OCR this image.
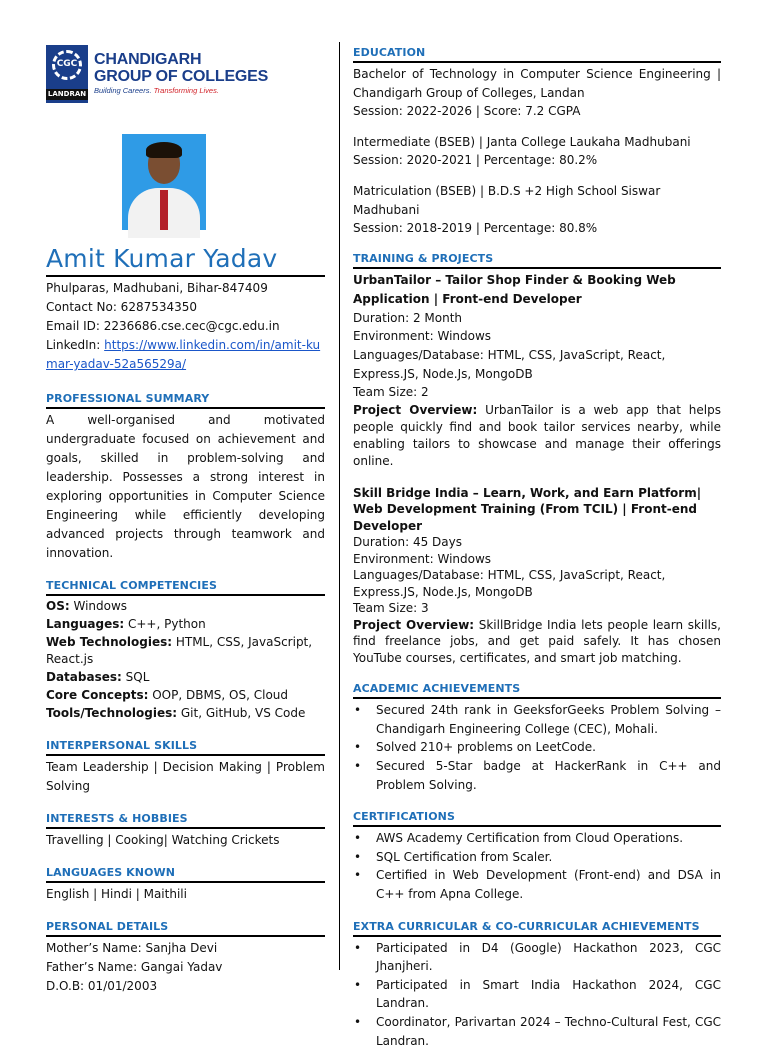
CGC
LANDRAN
CHANDIGARH
GROUP OF COLLEGES
Building Careers. Transforming Lives.
Amit Kumar Yadav
Phulparas, Madhubani, Bihar-847409
Contact No: 6287534350
Email ID: 2236686.cse.cec@cgc.edu.in
LinkedIn: https://www.linkedin.com/in/amit-kumar-yadav-52a56529a/
PROFESSIONAL SUMMARY
A well-organised and motivated undergraduate focused on achievement and goals, skilled in problem-solving and leadership. Possesses a strong interest in exploring opportunities in Computer Science Engineering while efficiently developing advanced projects through teamwork and innovation.
TECHNICAL COMPETENCIES
OS: Windows
Languages: C++, Python
Web Technologies: HTML, CSS, JavaScript, React.js
Databases: SQL
Core Concepts: OOP, DBMS, OS, Cloud
Tools/Technologies: Git, GitHub, VS Code
INTERPERSONAL SKILLS
Team Leadership | Decision Making | Problem Solving
INTERESTS & HOBBIES
Travelling | Cooking| Watching Crickets
LANGUAGES KNOWN
English | Hindi | Maithili
PERSONAL DETAILS
Mother’s Name: Sanjha Devi
Father’s Name: Gangai Yadav
D.O.B: 01/01/2003
EDUCATION
Bachelor of Technology in Computer Science Engineering | Chandigarh Group of Colleges, Landan
Session: 2022-2026 | Score: 7.2 CGPA
Intermediate (BSEB) | Janta College Laukaha Madhubani
Session: 2020-2021 | Percentage: 80.2%
Matriculation (BSEB) | B.D.S +2 High School Siswar Madhubani
Session: 2018-2019 | Percentage: 80.8%
TRAINING & PROJECTS
UrbanTailor – Tailor Shop Finder & Booking Web Application | Front-end Developer
Duration: 2 Month
Environment: Windows
Languages/Database: HTML, CSS, JavaScript, React, Express.JS, Node.Js, MongoDB
Team Size: 2
Project Overview: UrbanTailor is a web app that helps people quickly find and book tailor services nearby, while enabling tailors to showcase and manage their offerings online.
Skill Bridge India – Learn, Work, and Earn Platform| Web Development Training (From TCIL) | Front-end Developer
Duration: 45 Days
Environment: Windows
Languages/Database: HTML, CSS, JavaScript, React, Express.JS, Node.Js, MongoDB
Team Size: 3
Project Overview: SkillBridge India lets people learn skills, find freelance jobs, and get paid safely. It has chosen YouTube courses, certificates, and smart job matching.
ACADEMIC ACHIEVEMENTS
• Secured 24th rank in GeeksforGeeks Problem Solving – Chandigarh Engineering College (CEC), Mohali.
• Solved 210+ problems on LeetCode.
• Secured 5-Star badge at HackerRank in C++ and Problem Solving.
CERTIFICATIONS
• AWS Academy Certification from Cloud Operations.
• SQL Certification from Scaler.
• Certified in Web Development (Front-end) and DSA in C++ from Apna College.
EXTRA CURRICULAR & CO-CURRICULAR ACHIEVEMENTS
• Participated in D4 (Google) Hackathon 2023, CGC Jhanjheri.
• Participated in Smart India Hackathon 2024, CGC Landran.
• Coordinator, Parivartan 2024 – Techno-Cultural Fest, CGC Landran.
